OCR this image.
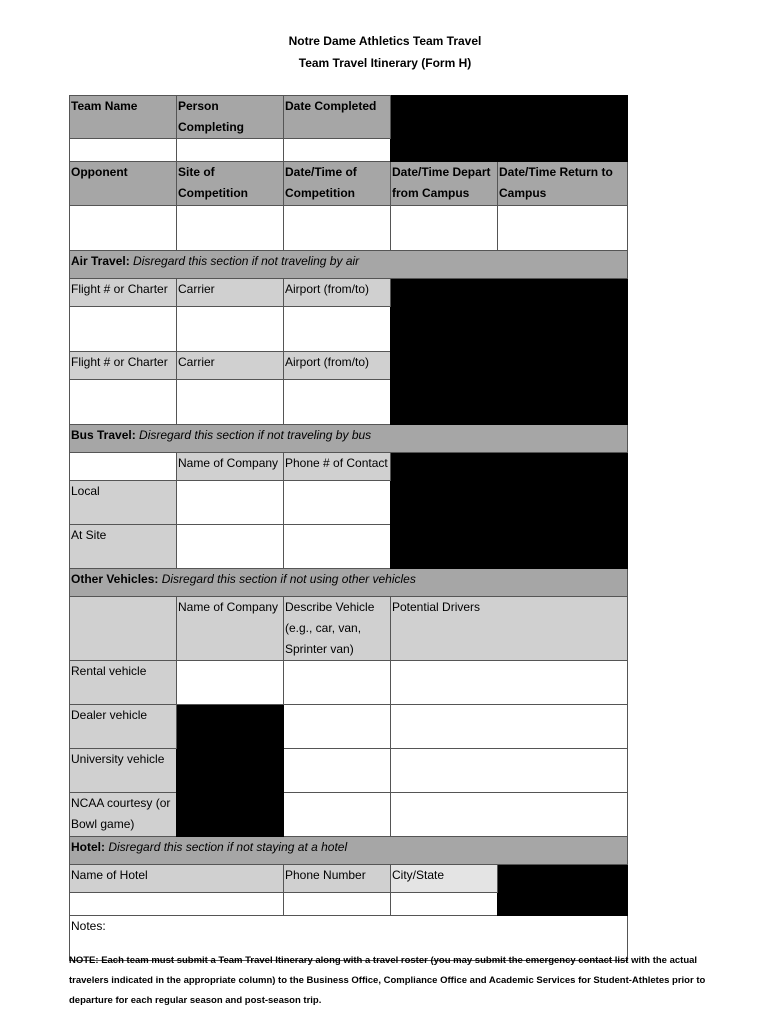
Notre Dame Athletics Team Travel
Team Travel Itinerary (Form H)
Team Name	Person Completing	Date Completed		

Opponent	Site of Competition	Date/Time of Competition	Date/Time Depart from Campus	Date/Time Return to Campus

Air Travel: Disregard this section if not traveling by air				
Flight # or Charter	Carrier	Airport (from/to)		

Flight # or Charter	Carrier	Airport (from/to)		

Bus Travel: Disregard this section if not traveling by bus				
	Name of Company	Phone # of Contact		
Local				
At Site				
Other Vehicles: Disregard this section if not using other vehicles				
	Name of Company	Describe Vehicle (e.g., car, van, Sprinter van)	Potential Drivers	
Rental vehicle				
Dealer vehicle				
University vehicle				
NCAA courtesy (or Bowl game)				
Hotel: Disregard this section if not staying at a hotel				
Name of Hotel		Phone Number	City/State	

Notes:				
NOTE: Each team must submit a Team Travel Itinerary along with a travel roster (you may submit the emergency contact list with the actual travelers indicated in the appropriate column) to the Business Office, Compliance Office and Academic Services for Student-Athletes prior to departure for each regular season and post-season trip.
